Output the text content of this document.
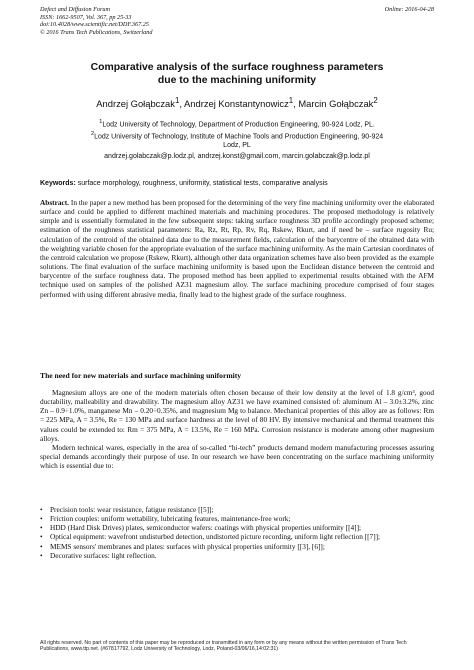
Defect and Diffusion Forum
ISSN: 1662-9507, Vol. 367, pp 25-33
doi:10.4028/www.scientific.net/DDF.367.25
© 2016 Trans Tech Publications, Switzerland
Online: 2016-04-28
Comparative analysis of the surface roughness parameters
due to the machining uniformity
Andrzej Gołąbczak$^1$, Andrzej Konstantynowicz$^1$, Marcin Gołąbczak$^2$
$^1$Lodz University of Technology, Department of Production Engineering, 90-924 Lodz, PL.
$^2$Lodz University of Technology, Institute of Machine Tools and Production Engineering, 90-924
Lodz, PL
andrzej.golabczak@p.lodz.pl, andrzej.konst@gmail.com, marcin.golabczak@p.lodz.pl
Keywords: surface morphology, roughness, uniformity, statistical tests, comparative analysis
Abstract. In the paper a new method has been proposed for the determining of the very fine machining uniformity over the elaborated surface and could be applied to different machined materials and machining procedures. The proposed methodology is relatively simple and is essentially formulated in the few subsequent steps: taking surface roughness 3D profile accordingly proposed scheme; estimation of the roughness statistical parameters: Ra, Rz, Rt, Rp, Rv, Rq, Rskew, Rkurt, and if need be – surface rugosity Ru; calculation of the centroid of the obtained data due to the measurement fields, calculation of the barycentre of the obtained data with the weighting variable chosen for the appropriate evaluation of the surface machining uniformity. As the main Cartesian coordinates of the centroid calculation we propose (Rskew, Rkurt), although other data organization schemes have also been provided as the example solutions. The final evaluation of the surface machining uniformity is based upon the Euclidean distance between the centroid and barycentre of the surface roughness data. The proposed method has been applied to experimental results obtained with the AFM technique used on samples of the polished AZ31 magnesium alloy. The surface machining procedure comprised of four stages performed with using different abrasive media, finally lead to the highest grade of the surface roughness.
The need for new materials and surface machining uniformity

Magnesium alloys are one of the modern materials often chosen because of their low density at the level of 1.8 g/cm³, good ductability, malleability and drawability. The magnesium alloy AZ31 we have examined consisted of: aluminum Al – 3.0±3.2%, zinc Zn – 0.9÷1.0%, manganese Mn – 0.20÷0.35%, and magnesium Mg to balance. Mechanical properties of this alloy are as follows: Rm = 225 MPa, A = 3.5%, Re = 130 MPa and surface hardness at the level of 80 HV. By intensive mechanical and thermal treatment this values could be extended to: Rm = 375 MPa, A = 13.5%, Re = 160 MPa. Corrosion resistance is moderate among other magnesium alloys.

Modern technical wares, especially in the area of so-called “hi-tech” products demand modern manufacturing processes assuring special demands accordingly their purpose of use. In our research we have been concentrating on the surface machining uniformity which is essential due to:

• Precision tools: wear resistance, fatigue resistance [[5]];
• Friction couples: uniform wettability, lubricating features, maintenance-free work;
• HDD (Hard Disk Drives) plates, semiconductor wafers: coatings with physical properties uniformity [[4]];
• Optical equipment: wavefront undisturbed detection, undistorted picture recording, uniform light reflection [[7]];
• MEMS sensors' membranes and plates: surfaces with physical properties uniformity [[3], [6]];
• Decorative surfaces: light reflection.
All rights reserved. No part of contents of this paper may be reproduced or transmitted in any form or by any means without the written permission of Trans Tech Publications, www.ttp.net. (#67817792, Lodz University of Technology, Lodz, Poland-03/06/16,14:02:31)
